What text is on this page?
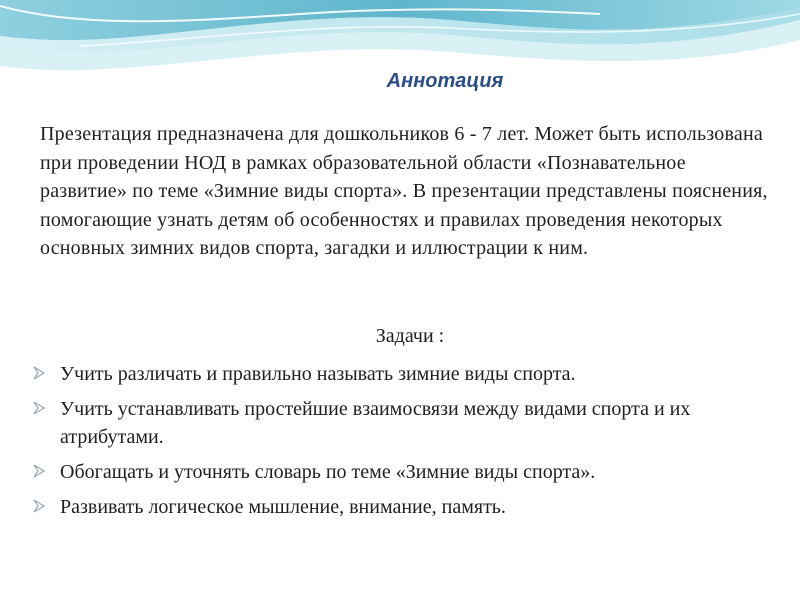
Аннотация

Презентация предназначена для дошкольников 6 - 7 лет. Может быть использована при проведении НОД в рамках образовательной области «Познавательное развитие» по теме «Зимние виды спорта». В презентации представлены пояснения, помогающие узнать детям об особенностях и правилах проведения некоторых основных зимних видов спорта, загадки и иллюстрации к ним.

Задачи :

Учить различать и правильно называть зимние виды спорта.
Учить устанавливать простейшие взаимосвязи между видами спорта и их атрибутами.
Обогащать и уточнять словарь по теме «Зимние виды спорта».
Развивать логическое мышление, внимание, память.
